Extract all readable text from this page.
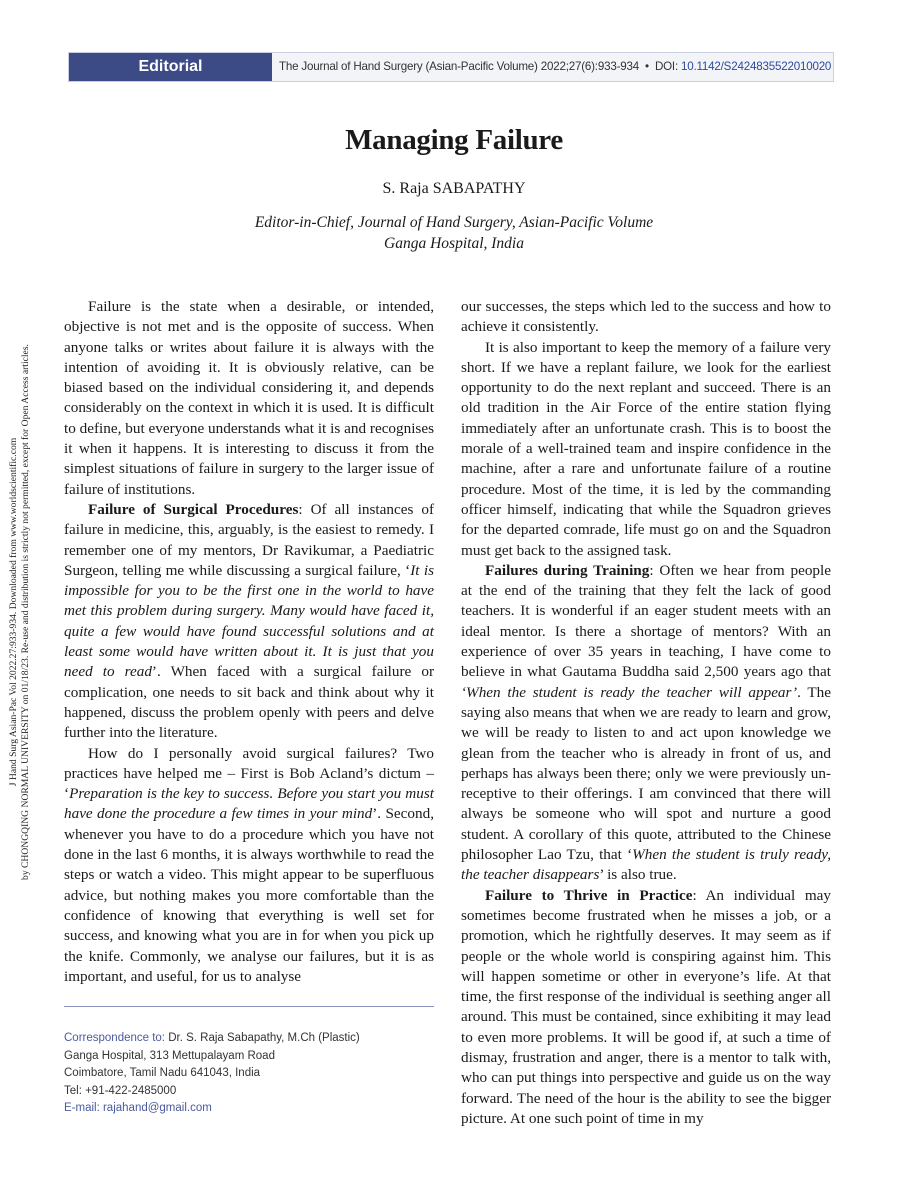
Editorial	The Journal of Hand Surgery (Asian-Pacific Volume) 2022;27(6):933-934 • DOI: 10.1142/S2424835522010020
J Hand Surg Asian-Pac Vol 2022.27:933-934. Downloaded from www.worldscientific.com by CHONGQING NORMAL UNIVERSITY on 01/18/23. Re-use and distribution is strictly not permitted, except for Open Access articles.
Managing Failure
S. Raja SABAPATHY
Editor-in-Chief, Journal of Hand Surgery, Asian-Pacific Volume
Ganga Hospital, India

Failure is the state when a desirable, or intended, objective is not met and is the opposite of success. When anyone talks or writes about failure it is always with the intention of avoiding it. It is obviously relative, can be biased based on the individual considering it, and depends considerably on the context in which it is used. It is difficult to define, but everyone understands what it is and recognises it when it happens. It is interesting to discuss it from the simplest situations of failure in surgery to the larger issue of failure of institutions.

Failure of Surgical Procedures: Of all instances of failure in medicine, this, arguably, is the easiest to remedy. I remember one of my mentors, Dr Ravikumar, a Paediatric Surgeon, telling me while discussing a surgical failure, ‘It is impossible for you to be the first one in the world to have met this problem during surgery. Many would have faced it, quite a few would have found successful solutions and at least some would have written about it. It is just that you need to read’. When faced with a surgical failure or complication, one needs to sit back and think about why it happened, discuss the problem openly with peers and delve further into the literature.

How do I personally avoid surgical failures? Two practices have helped me – First is Bob Acland’s dictum – ‘Preparation is the key to success. Before you start you must have done the procedure a few times in your mind’. Second, whenever you have to do a procedure which you have not done in the last 6 months, it is always worthwhile to read the steps or watch a video. This might appear to be superfluous advice, but nothing makes you more comfortable than the confidence of knowing that everything is well set for success, and knowing what you are in for when you pick up the knife. Commonly, we analyse our failures, but it is as important, and useful, for us to analyse

our successes, the steps which led to the success and how to achieve it consistently.

It is also important to keep the memory of a failure very short. If we have a replant failure, we look for the earliest opportunity to do the next replant and succeed. There is an old tradition in the Air Force of the entire station flying immediately after an unfortunate crash. This is to boost the morale of a well-trained team and inspire confidence in the machine, after a rare and unfortunate failure of a routine procedure. Most of the time, it is led by the commanding officer himself, indicating that while the Squadron grieves for the departed comrade, life must go on and the Squadron must get back to the assigned task.

Failures during Training: Often we hear from people at the end of the training that they felt the lack of good teachers. It is wonderful if an eager student meets with an ideal mentor. Is there a shortage of mentors? With an experience of over 35 years in teaching, I have come to believe in what Gautama Buddha said 2,500 years ago that ‘When the student is ready the teacher will appear’. The saying also means that when we are ready to learn and grow, we will be ready to listen to and act upon knowledge we glean from the teacher who is already in front of us, and perhaps has always been there; only we were previously un-receptive to their offerings. I am convinced that there will always be someone who will spot and nurture a good student. A corollary of this quote, attributed to the Chinese philosopher Lao Tzu, that ‘When the student is truly ready, the teacher disappears’ is also true.

Failure to Thrive in Practice: An individual may sometimes become frustrated when he misses a job, or a promotion, which he rightfully deserves. It may seem as if people or the whole world is conspiring against him. This will happen sometime or other in everyone’s life. At that time, the first response of the individual is seething anger all around. This must be contained, since exhibiting it may lead to even more problems. It will be good if, at such a time of dismay, frustration and anger, there is a mentor to talk with, who can put things into perspective and guide us on the way forward. The need of the hour is the ability to see the bigger picture. At one such point of time in my

Correspondence to: Dr. S. Raja Sabapathy, M.Ch (Plastic)
Ganga Hospital, 313 Mettupalayam Road
Coimbatore, Tamil Nadu 641043, India
Tel: +91-422-2485000
E-mail: rajahand@gmail.com
